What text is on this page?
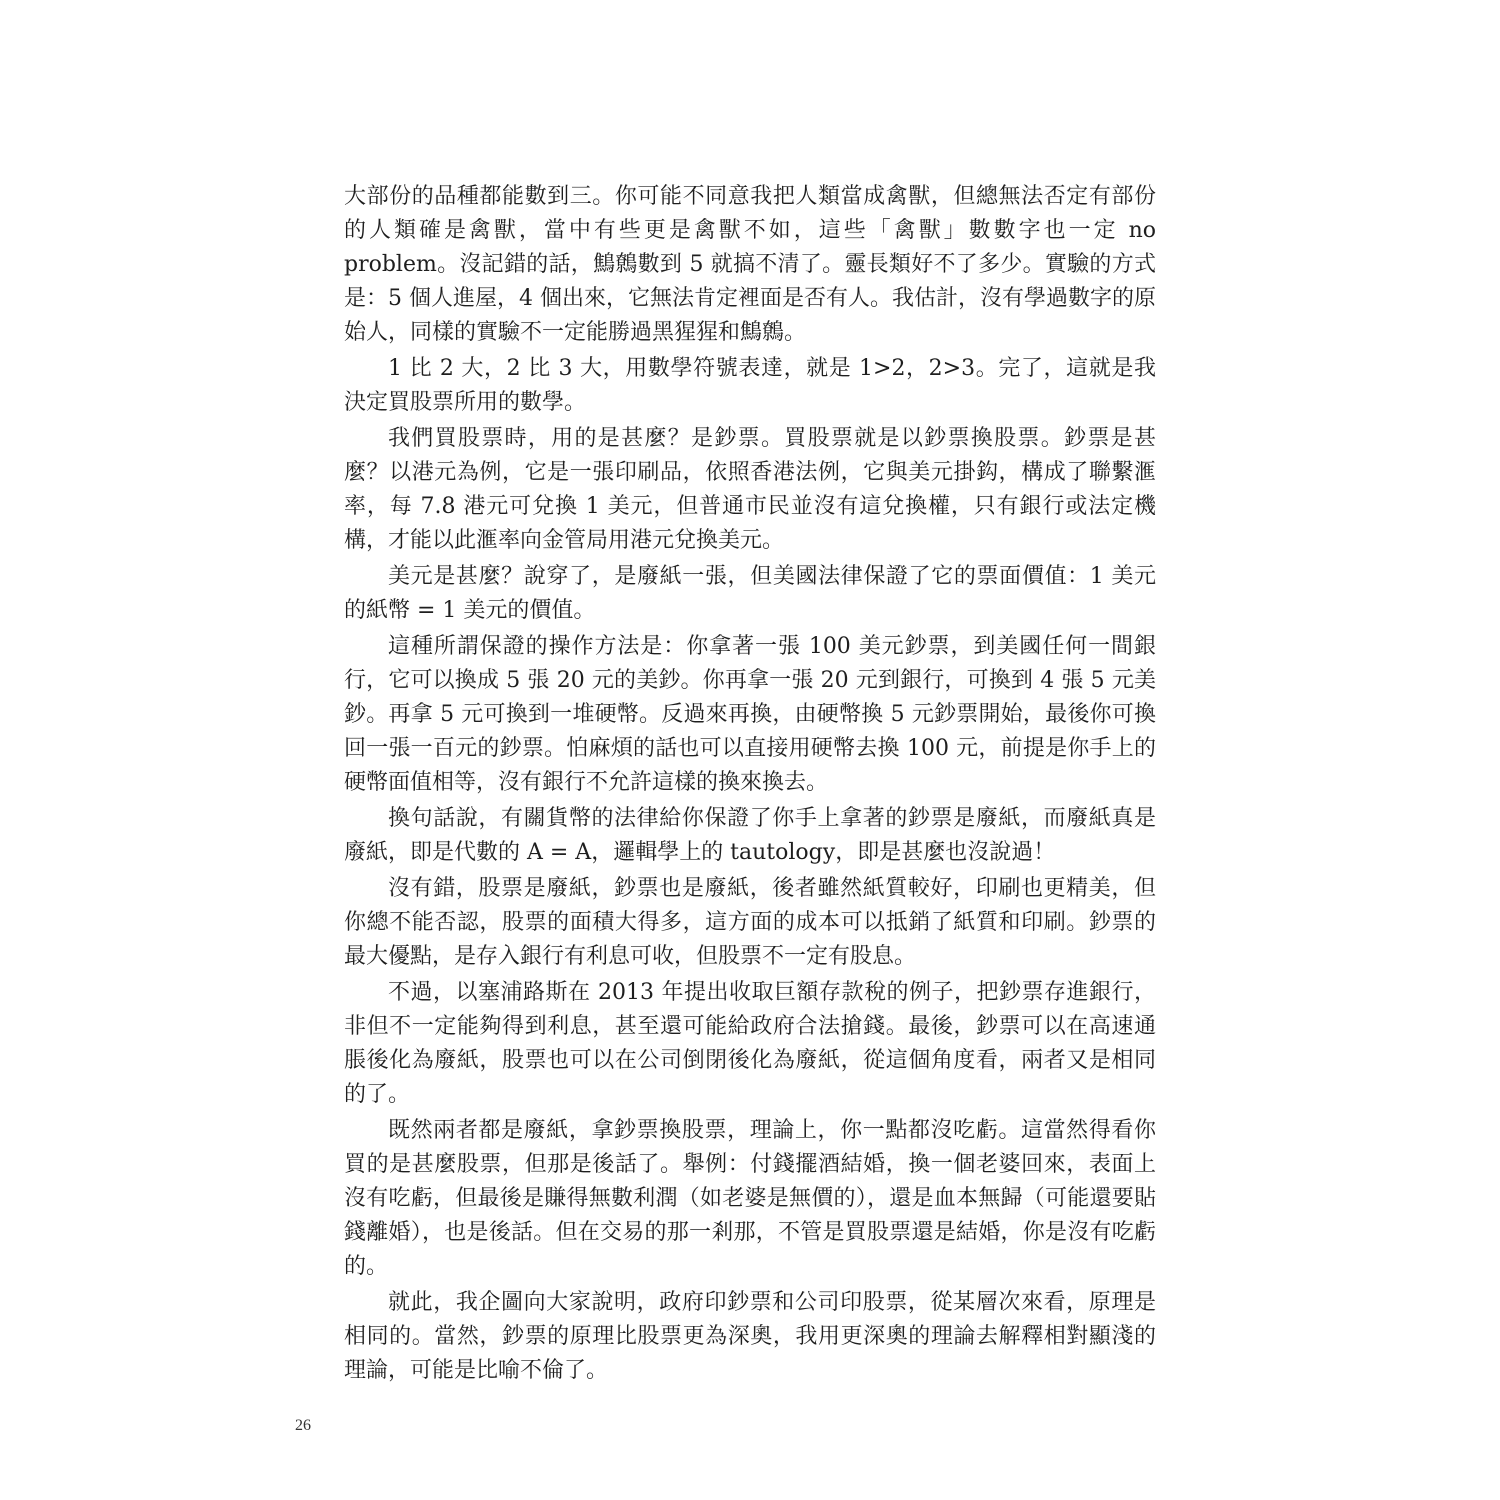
大部份的品種都能數到三。你可能不同意我把人類當成禽獸，但總無法否定有部份的人類確是禽獸，當中有些更是禽獸不如，這些「禽獸」數數字也一定 no problem。沒記錯的話，鷦鷯數到 5 就搞不清了。靈長類好不了多少。實驗的方式是：5 個人進屋，4 個出來，它無法肯定裡面是否有人。我估計，沒有學過數字的原始人，同樣的實驗不一定能勝過黑猩猩和鷦鷯。

1 比 2 大，2 比 3 大，用數學符號表達，就是 1>2，2>3。完了，這就是我決定買股票所用的數學。

我們買股票時，用的是甚麼？是鈔票。買股票就是以鈔票換股票。鈔票是甚麼？以港元為例，它是一張印刷品，依照香港法例，它與美元掛鈎，構成了聯繫滙率，每 7.8 港元可兌換 1 美元，但普通市民並沒有這兌換權，只有銀行或法定機構，才能以此滙率向金管局用港元兌換美元。

美元是甚麼？說穿了，是廢紙一張，但美國法律保證了它的票面價值：1 美元的紙幣 = 1 美元的價值。

這種所謂保證的操作方法是：你拿著一張 100 美元鈔票，到美國任何一間銀行，它可以換成 5 張 20 元的美鈔。你再拿一張 20 元到銀行，可換到 4 張 5 元美鈔。再拿 5 元可換到一堆硬幣。反過來再換，由硬幣換 5 元鈔票開始，最後你可換回一張一百元的鈔票。怕麻煩的話也可以直接用硬幣去換 100 元，前提是你手上的硬幣面值相等，沒有銀行不允許這樣的換來換去。

換句話說，有關貨幣的法律給你保證了你手上拿著的鈔票是廢紙，而廢紙真是廢紙，即是代數的 A = A，邏輯學上的 tautology，即是甚麼也沒說過！

沒有錯，股票是廢紙，鈔票也是廢紙，後者雖然紙質較好，印刷也更精美，但你總不能否認，股票的面積大得多，這方面的成本可以抵銷了紙質和印刷。鈔票的最大優點，是存入銀行有利息可收，但股票不一定有股息。

不過，以塞浦路斯在 2013 年提出收取巨額存款稅的例子，把鈔票存進銀行，非但不一定能夠得到利息，甚至還可能給政府合法搶錢。最後，鈔票可以在高速通脹後化為廢紙，股票也可以在公司倒閉後化為廢紙，從這個角度看，兩者又是相同的了。

既然兩者都是廢紙，拿鈔票換股票，理論上，你一點都沒吃虧。這當然得看你買的是甚麼股票，但那是後話了。舉例：付錢擺酒結婚，換一個老婆回來，表面上沒有吃虧，但最後是賺得無數利潤（如老婆是無價的），還是血本無歸（可能還要貼錢離婚），也是後話。但在交易的那一剎那，不管是買股票還是結婚，你是沒有吃虧的。

就此，我企圖向大家說明，政府印鈔票和公司印股票，從某層次來看，原理是相同的。當然，鈔票的原理比股票更為深奧，我用更深奧的理論去解釋相對顯淺的理論，可能是比喻不倫了。

26
